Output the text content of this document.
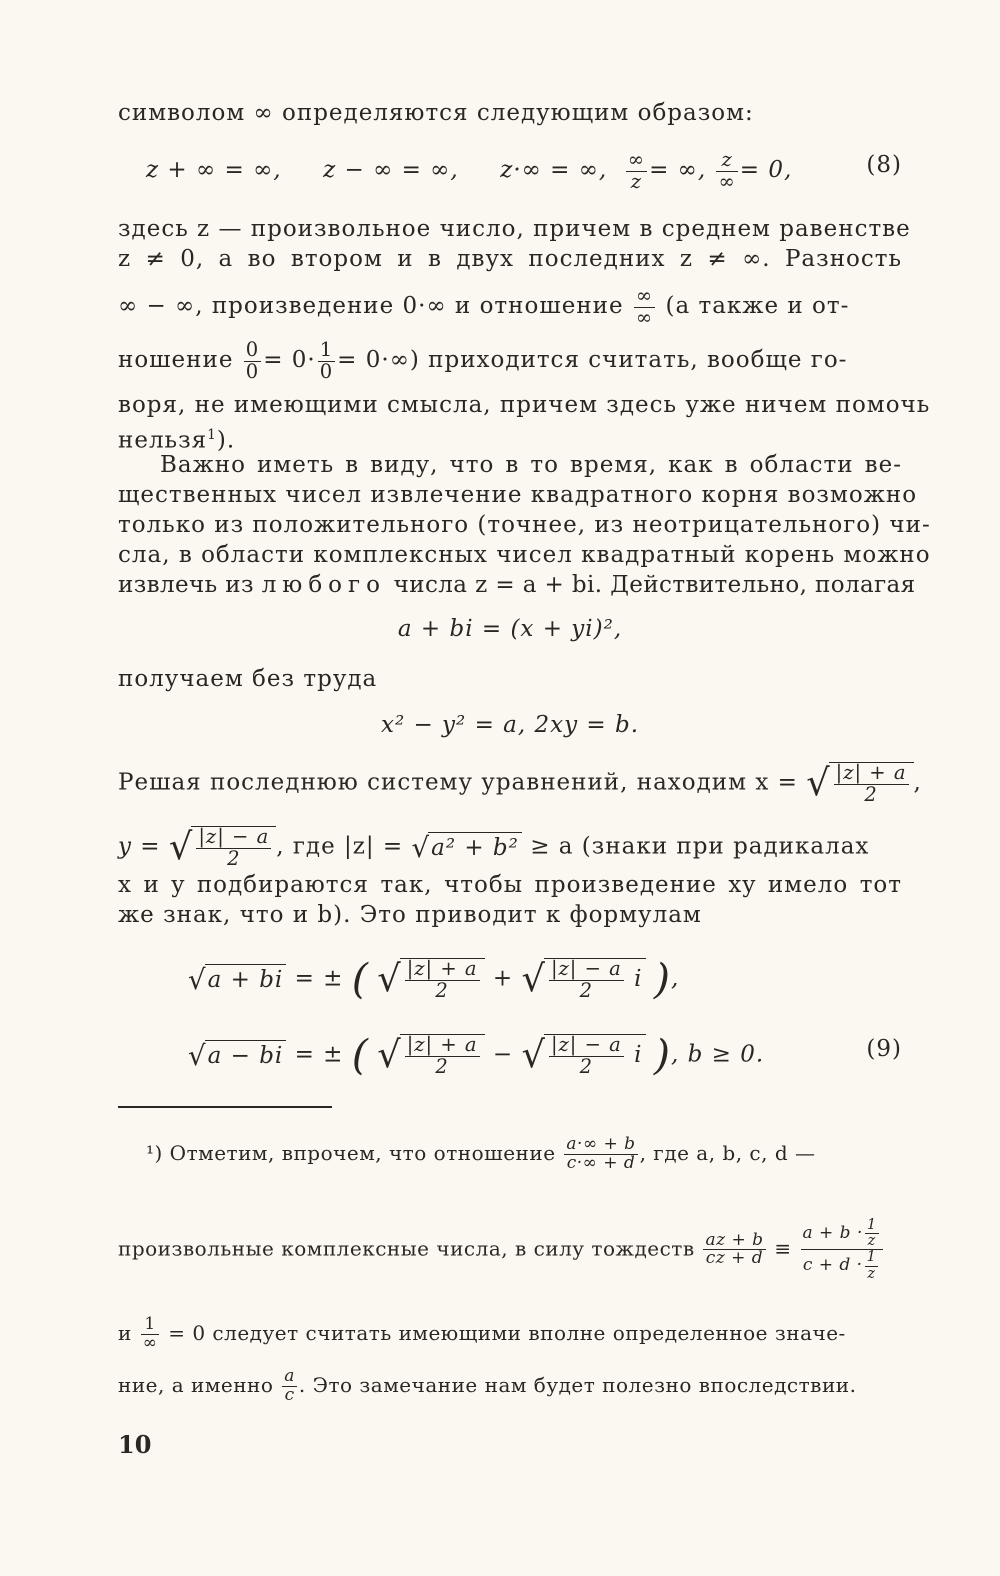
символом ∞ определяются следующим образом:
z + ∞ = ∞, z − ∞ = ∞, z·∞ = ∞, $\frac{\infty}{z}$ = ∞, $\frac{z}{\infty} = 0$,	(8)
здесь z — произвольное число, причем в среднем равенстве
z ≠ 0, а во втором и в двух последних z ≠ ∞. Разность
∞ − ∞, произведение 0·∞ и отношение $\frac{\infty}{\infty} (а$ также и от-
ношение $\frac{0}{0} = 0\cdot \frac{1}{0} = 0\cdot\infty$) приходится считать, вообще го-
воря, не имеющими смысла, причем здесь уже ничем помочь
нельзя$^1$).
Важно иметь в виду, что в то время, как в области ве-
щественных чисел извлечение квадратного корня возможно
только из положительного (точнее, из неотрицательного) чи-
сла, в области комплексных чисел квадратный корень можно
извлечь из любого числа z = a + bi. Действительно, полагая
a + bi = (x + yi)²,
получаем без труда
x² − y² = a, 2xy = b.
Решая последнюю систему уравнений, находим x = √ $\frac{|z| + a}{2}$ ,
y = √ $\frac{|z| - a}{2}$ , где |z| = √a² + b² ≥ a (знаки при радикалах
x и y подбираются так, чтобы произведение xy имело тот
же знак, что и b). Это приводит к формулам
√a + bi = ± ( √ $\frac{|z| + a}{2}$ + √ $\frac{|z| - a}{2}$ i ),
√a − bi = ± ( √ $\frac{|z| + a}{2}$ − √ $\frac{|z| - a}{2}$ i ), b ≥ 0.	(9)
¹) Отметим, впрочем, что отношение $\frac{a\cdot\infty + b}{c\cdot\infty + d}$ , где a, b, c, d —
произвольные комплексные числа, в силу тождеств $\frac{az + b}{cz + d} \equiv \frac{a + b \cdot \frac{1}{z}}{c + d \cdot \frac{1}{z}}$
и $\frac{1}{\infty} = 0$ следует считать имеющими вполне определенное значе-
ние, а именно $\frac{a}{c}$ . Это замечание нам будет полезно впоследствии.
10
